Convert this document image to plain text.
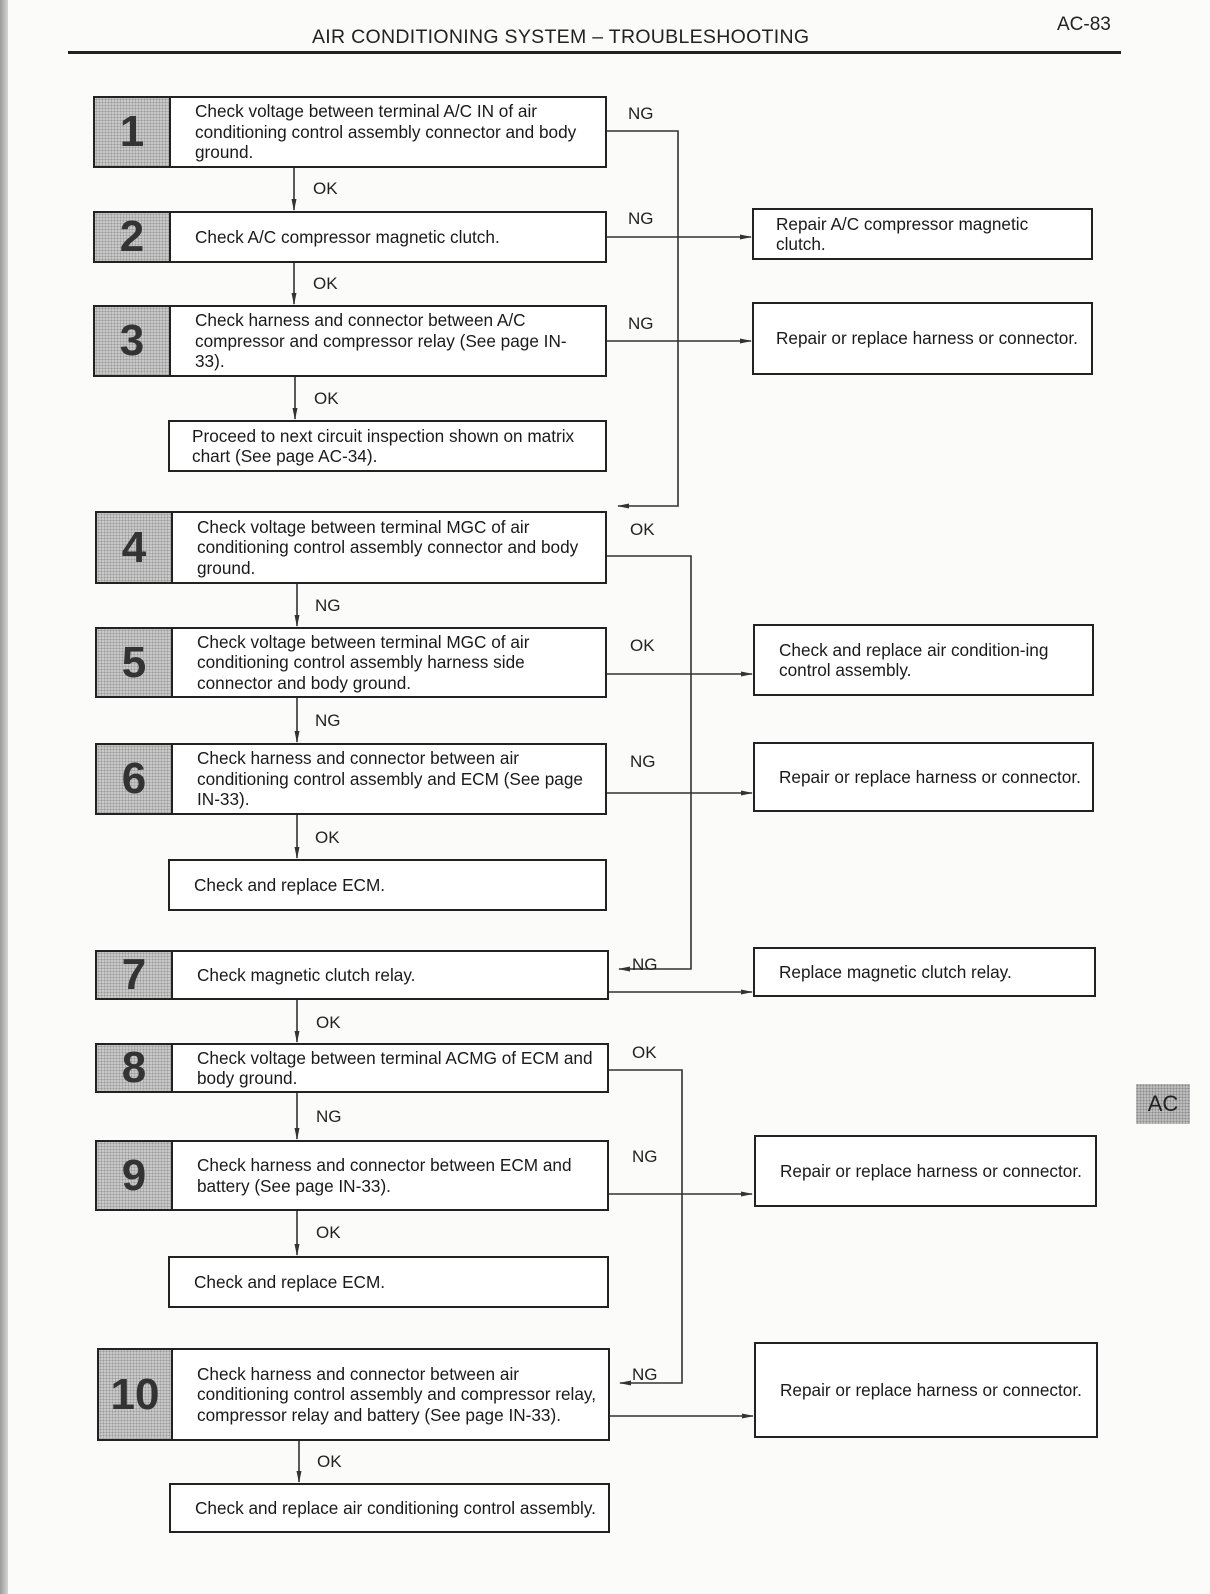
AIR CONDITIONING SYSTEM – TROUBLESHOOTING
AC-83
1	Check voltage between terminal A/C IN of air conditioning control assembly connector and body ground.
2	Check A/C compressor magnetic clutch.
3	Check harness and connector between A/C compressor and compressor relay (See page IN-33).
Proceed to next circuit inspection shown on matrix chart (See page AC-34).
4	Check voltage between terminal MGC of air conditioning control assembly connector and body ground.
5	Check voltage between terminal MGC of air conditioning control assembly harness side connector and body ground.
6	Check harness and connector between air conditioning control assembly and ECM (See page IN-33).
Check and replace ECM.
7	Check magnetic clutch relay.
8	Check voltage between terminal ACMG of ECM and body ground.
9	Check harness and connector between ECM and battery (See page IN-33).
Check and replace ECM.
10	Check harness and connector between air conditioning control assembly and compressor relay, compressor relay and battery (See page IN-33).
Check and replace air conditioning control assembly.
Repair A/C compressor magnetic clutch.
Repair or replace harness or connector.
Check and replace air condition-ing control assembly.
Repair or replace harness or connector.
Replace magnetic clutch relay.
Repair or replace harness or connector.
Repair or replace harness or connector.
OK
OK
OK
NG
NG
OK
OK
NG
OK
OK
NG
NG
NG
OK
OK
NG
NG
OK
NG
NG
AC
